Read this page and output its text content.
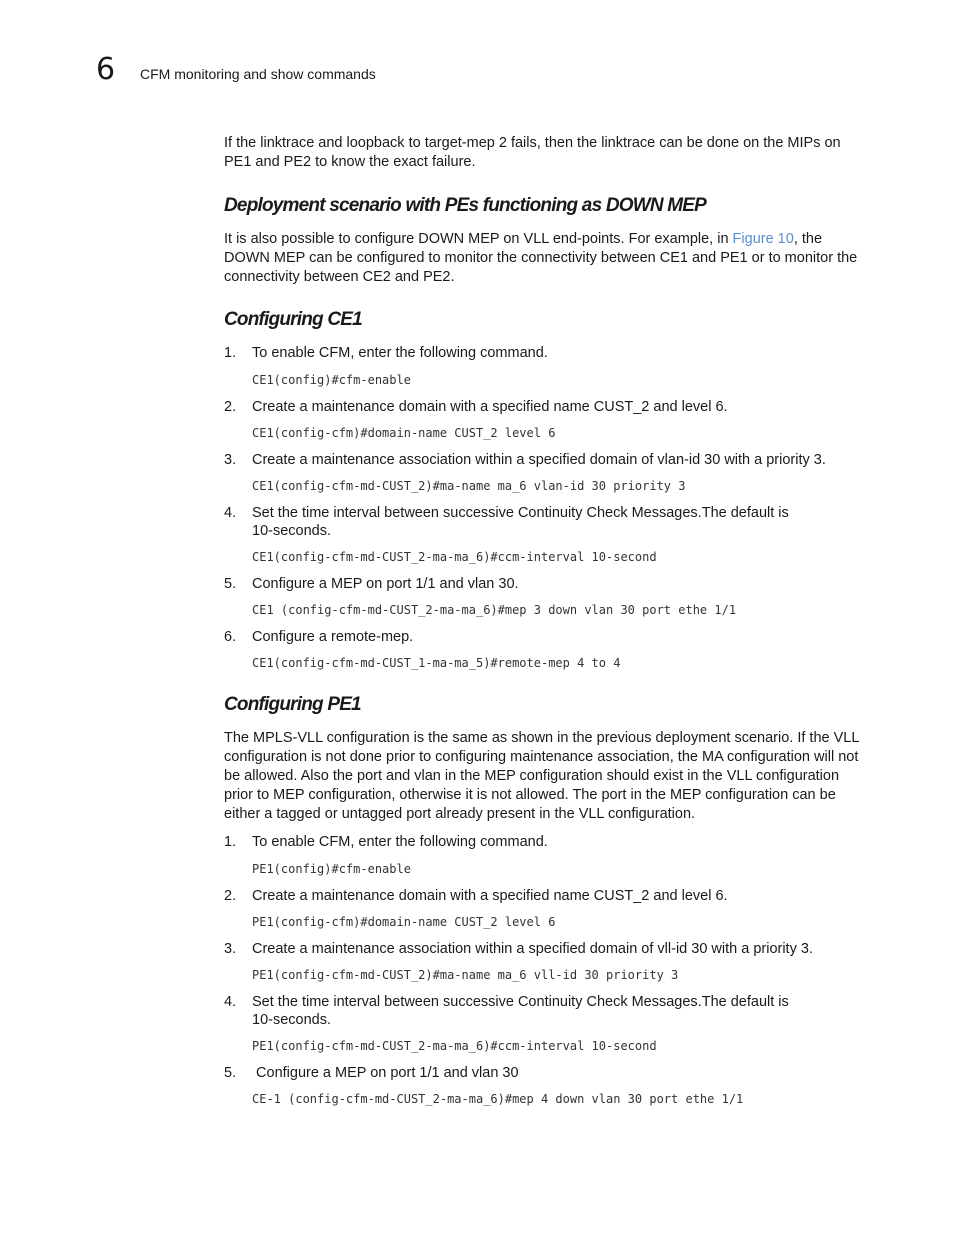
6 CFM monitoring and show commands

If the linktrace and loopback to target-mep 2 fails, then the linktrace can be done on the MIPs on PE1 and PE2 to know the exact failure.

Deployment scenario with PEs functioning as DOWN MEP

It is also possible to configure DOWN MEP on VLL end-points. For example, in Figure 10, the DOWN MEP can be configured to monitor the connectivity between CE1 and PE1 or to monitor the connectivity between CE2 and PE2.

Configuring CE1
1.	To enable CFM, enter the following command.
CE1(config)#cfm-enable
2.	Create a maintenance domain with a specified name CUST_2 and level 6.
CE1(config-cfm)#domain-name CUST_2 level 6
3.	Create a maintenance association within a specified domain of vlan-id 30 with a priority 3.
CE1(config-cfm-md-CUST_2)#ma-name ma_6 vlan-id 30 priority 3
4.	Set the time interval between successive Continuity Check Messages.The default is 10-seconds.
CE1(config-cfm-md-CUST_2-ma-ma_6)#ccm-interval 10-second
5.	Configure a MEP on port 1/1 and vlan 30.
CE1 (config-cfm-md-CUST_2-ma-ma_6)#mep 3 down vlan 30 port ethe 1/1
6.	Configure a remote-mep.
CE1(config-cfm-md-CUST_1-ma-ma_5)#remote-mep 4 to 4
Configuring PE1

The MPLS-VLL configuration is the same as shown in the previous deployment scenario. If the VLL configuration is not done prior to configuring maintenance association, the MA configuration will not be allowed. Also the port and vlan in the MEP configuration should exist in the VLL configuration prior to MEP configuration, otherwise it is not allowed. The port in the MEP configuration can be either a tagged or untagged port already present in the VLL configuration.

1.	To enable CFM, enter the following command.
PE1(config)#cfm-enable
2.	Create a maintenance domain with a specified name CUST_2 and level 6.
PE1(config-cfm)#domain-name CUST_2 level 6
3.	Create a maintenance association within a specified domain of vll-id 30 with a priority 3.
PE1(config-cfm-md-CUST_2)#ma-name ma_6 vll-id 30 priority 3
4.	Set the time interval between successive Continuity Check Messages.The default is 10-seconds.
PE1(config-cfm-md-CUST_2-ma-ma_6)#ccm-interval 10-second
5.	Configure a MEP on port 1/1 and vlan 30
CE-1 (config-cfm-md-CUST_2-ma-ma_6)#mep 4 down vlan 30 port ethe 1/1
